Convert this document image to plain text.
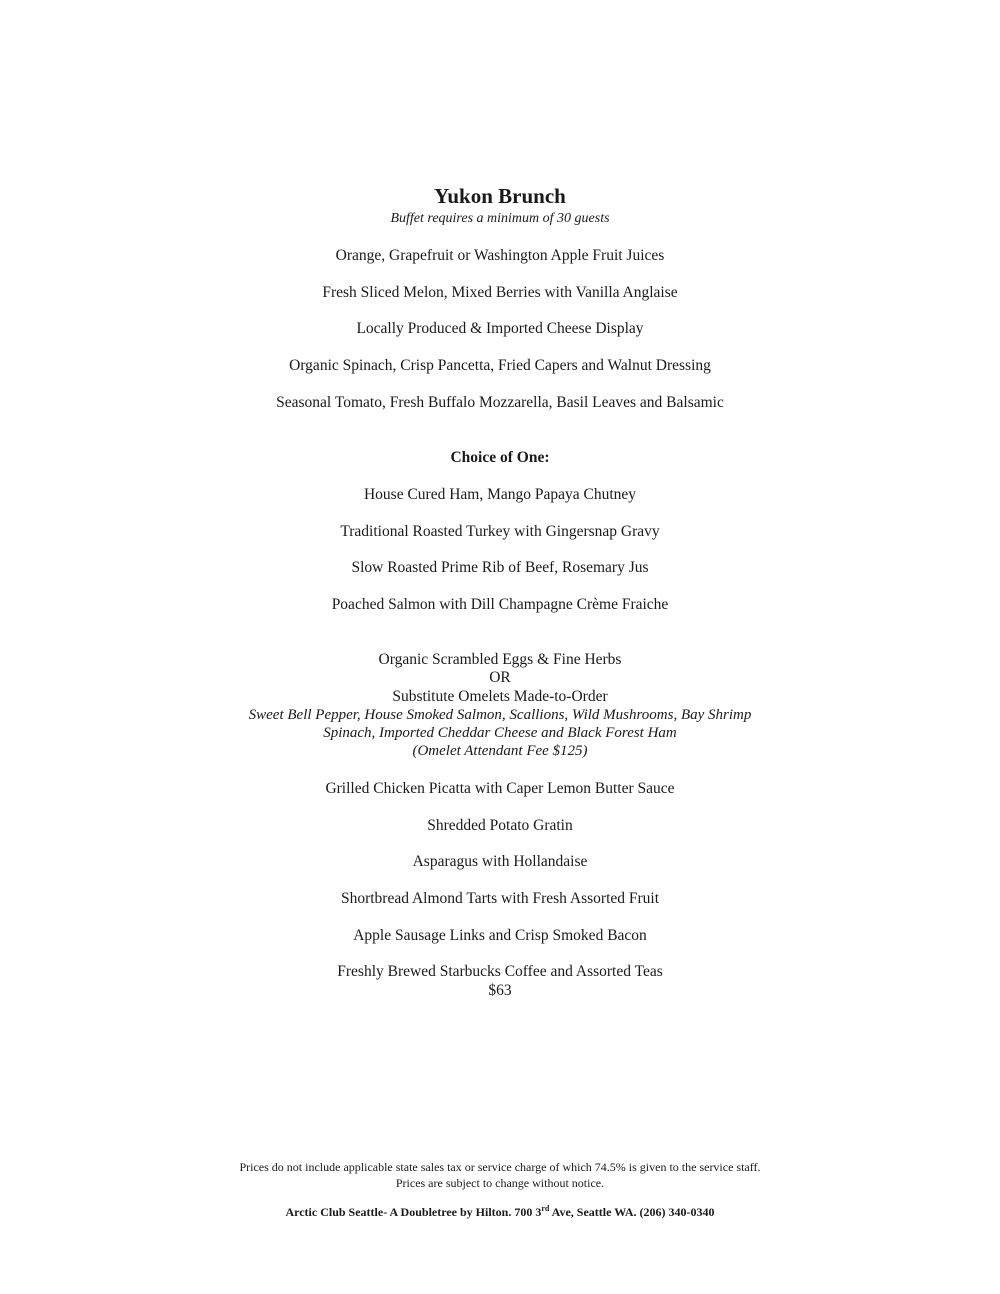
Yukon Brunch
Buffet requires a minimum of 30 guests
Orange, Grapefruit or Washington Apple Fruit Juices
Fresh Sliced Melon, Mixed Berries with Vanilla Anglaise
Locally Produced & Imported Cheese Display
Organic Spinach, Crisp Pancetta, Fried Capers and Walnut Dressing
Seasonal Tomato, Fresh Buffalo Mozzarella, Basil Leaves and Balsamic
Choice of One:
House Cured Ham, Mango Papaya Chutney
Traditional Roasted Turkey with Gingersnap Gravy
Slow Roasted Prime Rib of Beef, Rosemary Jus
Poached Salmon with Dill Champagne Crème Fraiche
Organic Scrambled Eggs & Fine Herbs
OR
Substitute Omelets Made-to-Order
Sweet Bell Pepper, House Smoked Salmon, Scallions, Wild Mushrooms, Bay Shrimp
Spinach, Imported Cheddar Cheese and Black Forest Ham
(Omelet Attendant Fee $125)
Grilled Chicken Picatta with Caper Lemon Butter Sauce
Shredded Potato Gratin
Asparagus with Hollandaise
Shortbread Almond Tarts with Fresh Assorted Fruit
Apple Sausage Links and Crisp Smoked Bacon
Freshly Brewed Starbucks Coffee and Assorted Teas
$63
Prices do not include applicable state sales tax or service charge of which 74.5% is given to the service staff.
Prices are subject to change without notice.
Arctic Club Seattle- A Doubletree by Hilton. 700 3rd Ave, Seattle WA. (206) 340-0340
